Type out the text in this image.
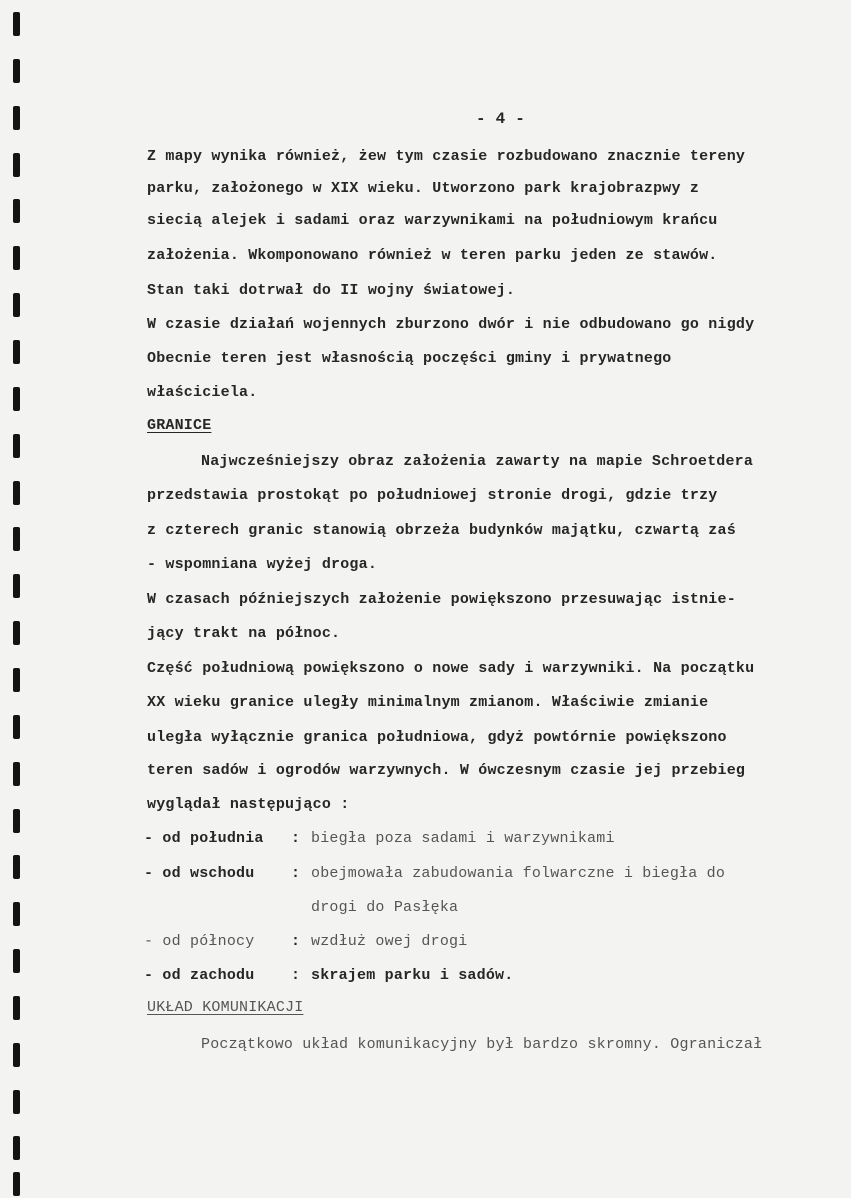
- 4 -
Z mapy wynika również, żew tym czasie rozbudowano znacznie tereny
parku, założonego w XIX wieku. Utworzono park krajobrazpwy z
siecią alejek i sadami oraz warzywnikami na południowym krańcu
założenia. Wkomponowano również w teren parku jeden ze stawów.
Stan taki dotrwał do II wojny światowej.
W czasie działań wojennych zburzono dwór i nie odbudowano go nigdy
Obecnie teren jest własnością poczęści gminy i prywatnego
właściciela.
GRANICE
Najwcześniejszy obraz założenia zawarty na mapie Schroetdera
przedstawia prostokąt po południowej stronie drogi, gdzie trzy
z czterech granic stanowią obrzeża budynków majątku, czwartą zaś
- wspomniana wyżej droga.
W czasach późniejszych założenie powiększono przesuwając istnie-
jący trakt na północ.
Część południową powiększono o nowe sady i warzywniki. Na początku
XX wieku granice uległy minimalnym zmianom. Właściwie zmianie
uległa wyłącznie granica południowa, gdyż powtórnie powiększono
teren sadów i ogrodów warzywnych. W ówczesnym czasie jej przebieg
wyglądał następująco :
- od południa : biegła poza sadami i warzywnikami
- od wschodu : obejmowała zabudowania folwarczne i biegła do
drogi do Pasłęka
- od północy : wzdłuż owej drogi
- od zachodu : skrajem parku i sadów.
UKŁAD KOMUNIKACJI
Początkowo układ komunikacyjny był bardzo skromny. Ograniczał
